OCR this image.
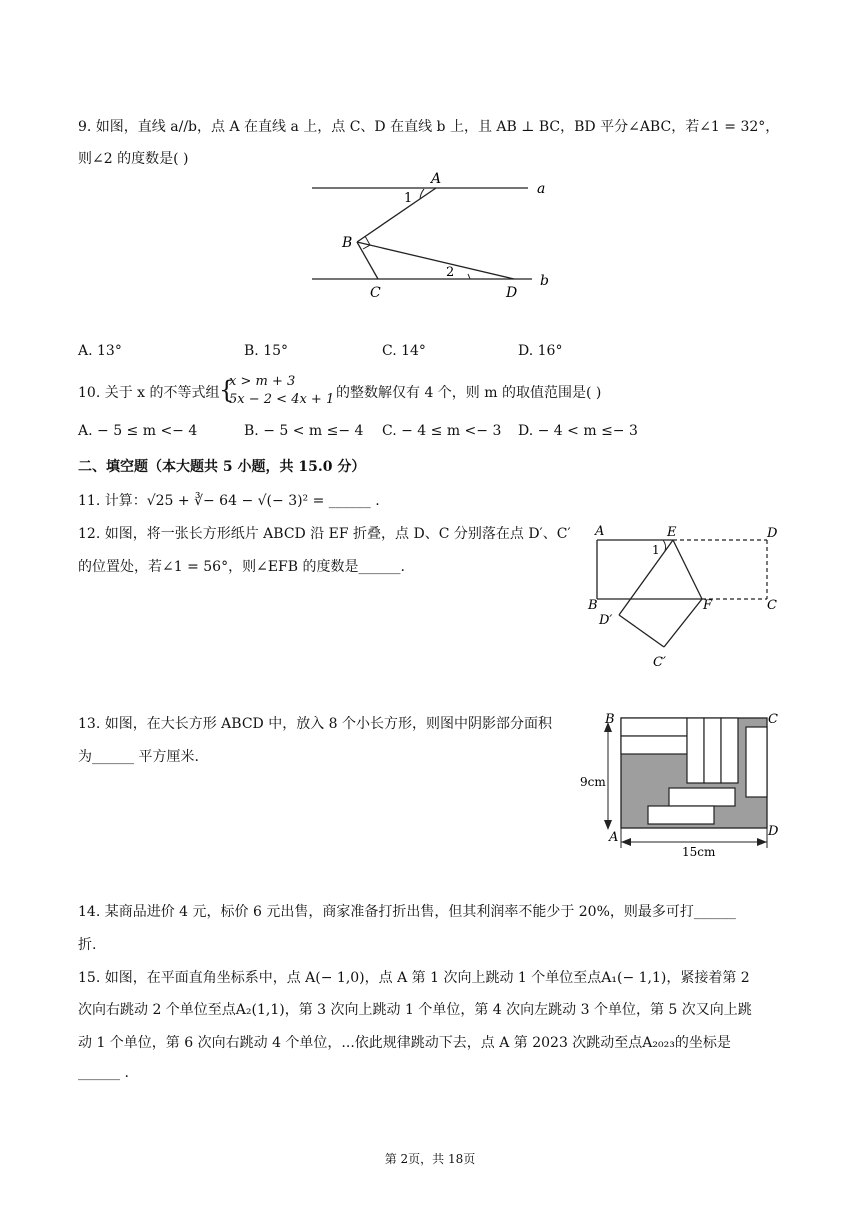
9. 如图，直线 a//b，点 A 在直线 a 上，点 C、D 在直线 b 上，且 AB ⊥ BC，BD 平分∠ABC，若∠1 = 32°，
则∠2 的度数是( )
A
a
1
B
2
C	D
b
A. 13°	B. 15°	C. 14°	D. 16°
10. 关于 x 的不等式组 {
x > m + 3
5x − 2 < 4x + 1 的整数解仅有 4 个，则 m 的取值范围是( )
A. − 5 ≤ m <− 4	B. − 5 < m ≤− 4 C. − 4 ≤ m <− 3 D. − 4 < m ≤− 3
二、填空题（本大题共 5 小题，共 15.0 分）
11. 计算：√25 + ∛− 64 − √(− 3)² = ______ .
12. 如图，将一张长方形纸片 ABCD 沿 EF 折叠，点 D、C 分别落在点 D′、C′
的位置处，若∠1 = 56°，则∠EFB 的度数是______.
A	E	D
1
B	F	C
D′
C′
13. 如图，在大长方形 ABCD 中，放入 8 个小长方形，则图中阴影部分面积
为______ 平方厘米.
B	C
9cm
A	D
15cm
14. 某商品进价 4 元，标价 6 元出售，商家准备打折出售，但其利润率不能少于 20%，则最多可打______
折.
15. 如图，在平面直角坐标系中，点 A(− 1,0)，点 A 第 1 次向上跳动 1 个单位至点A₁(− 1,1)，紧接着第 2
次向右跳动 2 个单位至点A₂(1,1)，第 3 次向上跳动 1 个单位，第 4 次向左跳动 3 个单位，第 5 次又向上跳
动 1 个单位，第 6 次向右跳动 4 个单位，...依此规律跳动下去，点 A 第 2023 次跳动至点A₂₀₂₃的坐标是
______ .
第 2页，共 18页
